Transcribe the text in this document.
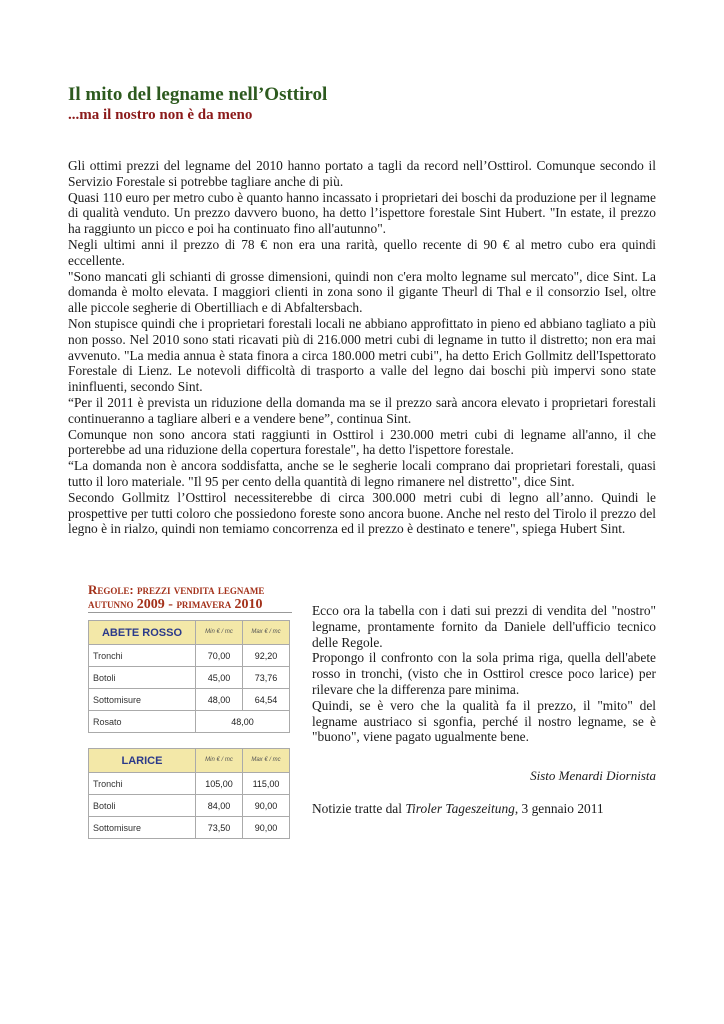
Il mito del legname nell’Osttirol
...ma il nostro non è da meno

Gli ottimi prezzi del legname del 2010 hanno portato a tagli da record nell’Osttirol. Comunque secondo il Servizio Forestale si potrebbe tagliare anche di più.

Quasi 110 euro per metro cubo è quanto hanno incassato i proprietari dei boschi da produzione per il legname di qualità venduto. Un prezzo davvero buono, ha detto l’ispettore forestale Sint Hubert. "In estate, il prezzo ha raggiunto un picco e poi ha continuato fino all'autunno".

Negli ultimi anni il prezzo di 78 € non era una rarità, quello recente di 90 € al metro cubo era quindi eccellente.

"Sono mancati gli schianti di grosse dimensioni, quindi non c'era molto legname sul mercato", dice Sint. La domanda è molto elevata. I maggiori clienti in zona sono il gigante Theurl di Thal e il consorzio Isel, oltre alle piccole segherie di Obertilliach e di Abfaltersbach.

Non stupisce quindi che i proprietari forestali locali ne abbiano approfittato in pieno ed abbiano tagliato a più non posso. Nel 2010 sono stati ricavati più di 216.000 metri cubi di legname in tutto il distretto; non era mai avvenuto. "La media annua è stata finora a circa 180.000 metri cubi", ha detto Erich Gollmitz dell'Ispettorato Forestale di Lienz. Le notevoli difficoltà di trasporto a valle del legno dai boschi più impervi sono state ininfluenti, secondo Sint.

“Per il 2011 è prevista un riduzione della domanda ma se il prezzo sarà ancora elevato i proprietari forestali continueranno a tagliare alberi e a vendere bene”, continua Sint.

Comunque non sono ancora stati raggiunti in Osttirol i 230.000 metri cubi di legname all'anno, il che porterebbe ad una riduzione della copertura forestale", ha detto l'ispettore forestale.

“La domanda non è ancora soddisfatta, anche se le segherie locali comprano dai proprietari forestali, quasi tutto il loro materiale. "Il 95 per cento della quantità di legno rimanere nel distretto", dice Sint.

Secondo Gollmitz l’Osttirol necessiterebbe di circa 300.000 metri cubi di legno all’anno. Quindi le prospettive per tutti coloro che possiedono foreste sono ancora buone. Anche nel resto del Tirolo il prezzo del legno è in rialzo, quindi non temiamo concorrenza ed il prezzo è destinato e tenere", spiega Hubert Sint.

Regole: prezzi vendita legname
autunno 2009 - primavera 2010
ABETE ROSSO	Min € / mc	Max € / mc
Tronchi	70,00	92,20
Botoli	45,00	73,76
Sottomisure	48,00	64,54
Rosato	48,00	
LARICE	Min € / mc	Max € / mc
Tronchi	105,00	115,00
Botoli	84,00	90,00
Sottomisure	73,50	90,00

Ecco ora la tabella con i dati sui prezzi di vendita del "nostro" legname, prontamente fornito da Daniele dell'ufficio tecnico delle Regole.

Propongo il confronto con la sola prima riga, quella dell'abete rosso in tronchi, (visto che in Osttirol cresce poco larice) per rilevare che la differenza pare minima.

Quindi, se è vero che la qualità fa il prezzo, il "mito" del legname austriaco si sgonfia, perché il nostro legname, se è "buono", viene pagato ugualmente bene.

Sisto Menardi Diornista
Notizie tratte dal Tiroler Tageszeitung, 3 gennaio 2011
